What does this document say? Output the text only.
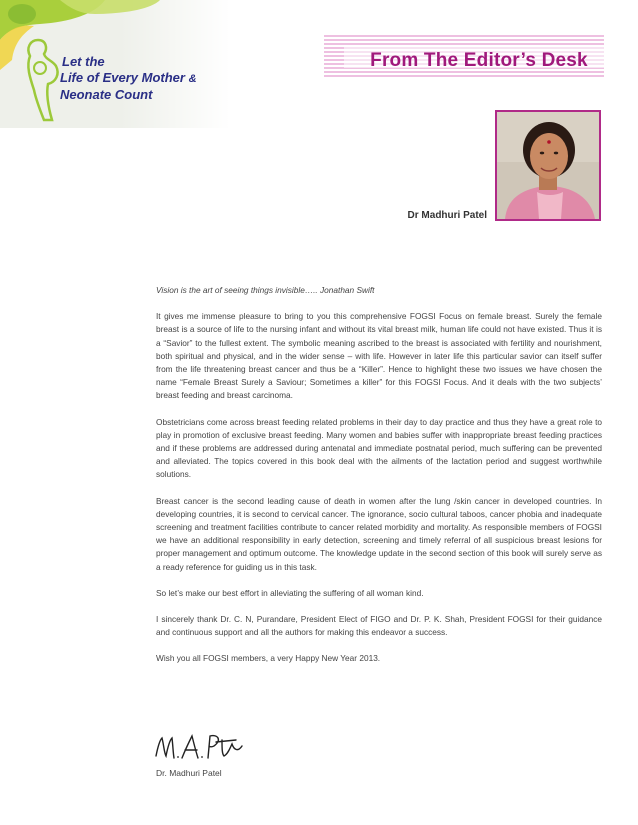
Let the
Life of Every Mother &
Neonate Count
From The Editor’s Desk
Dr Madhuri Patel

Vision is the art of seeing things invisible….. Jonathan Swift

It gives me immense pleasure to bring to you this comprehensive FOGSI Focus on female breast. Surely the female breast is a source of life to the nursing infant and without its vital breast milk, human life could not have existed. Thus it is a “Savior” to the fullest extent. The symbolic meaning ascribed to the breast is associated with fertility and nourishment, both spiritual and physical, and in the wider sense – with life. However in later life this particular savior can itself suffer from the life threatening breast cancer and thus be a “Killer”. Hence to highlight these two issues we have chosen the name “Female Breast Surely a Saviour; Sometimes a killer” for this FOGSI Focus. And it deals with the two subjects’ breast feeding and breast carcinoma.

Obstetricians come across breast feeding related problems in their day to day practice and thus they have a great role to play in promotion of exclusive breast feeding. Many women and babies suffer with inappropriate breast feeding practices and if these problems are addressed during antenatal and immediate postnatal period, much suffering can be prevented and alleviated. The topics covered in this book deal with the ailments of the lactation period and suggest worthwhile solutions.

Breast cancer is the second leading cause of death in women after the lung /skin cancer in developed countries. In developing countries, it is second to cervical cancer. The ignorance, socio cultural taboos, cancer phobia and inadequate screening and treatment facilities contribute to cancer related morbidity and mortality. As responsible members of FOGSI we have an additional responsibility in early detection, screening and timely referral of all suspicious breast lesions for proper management and optimum outcome. The knowledge update in the second section of this book will surely serve as a ready reference for guiding us in this task.

So let’s make our best effort in alleviating the suffering of all woman kind.

I sincerely thank Dr. C. N, Purandare, President Elect of FIGO and Dr. P. K. Shah, President FOGSI for their guidance and continuous support and all the authors for making this endeavor a success.

Wish you all FOGSI members, a very Happy New Year 2013.

Dr. Madhuri Patel
